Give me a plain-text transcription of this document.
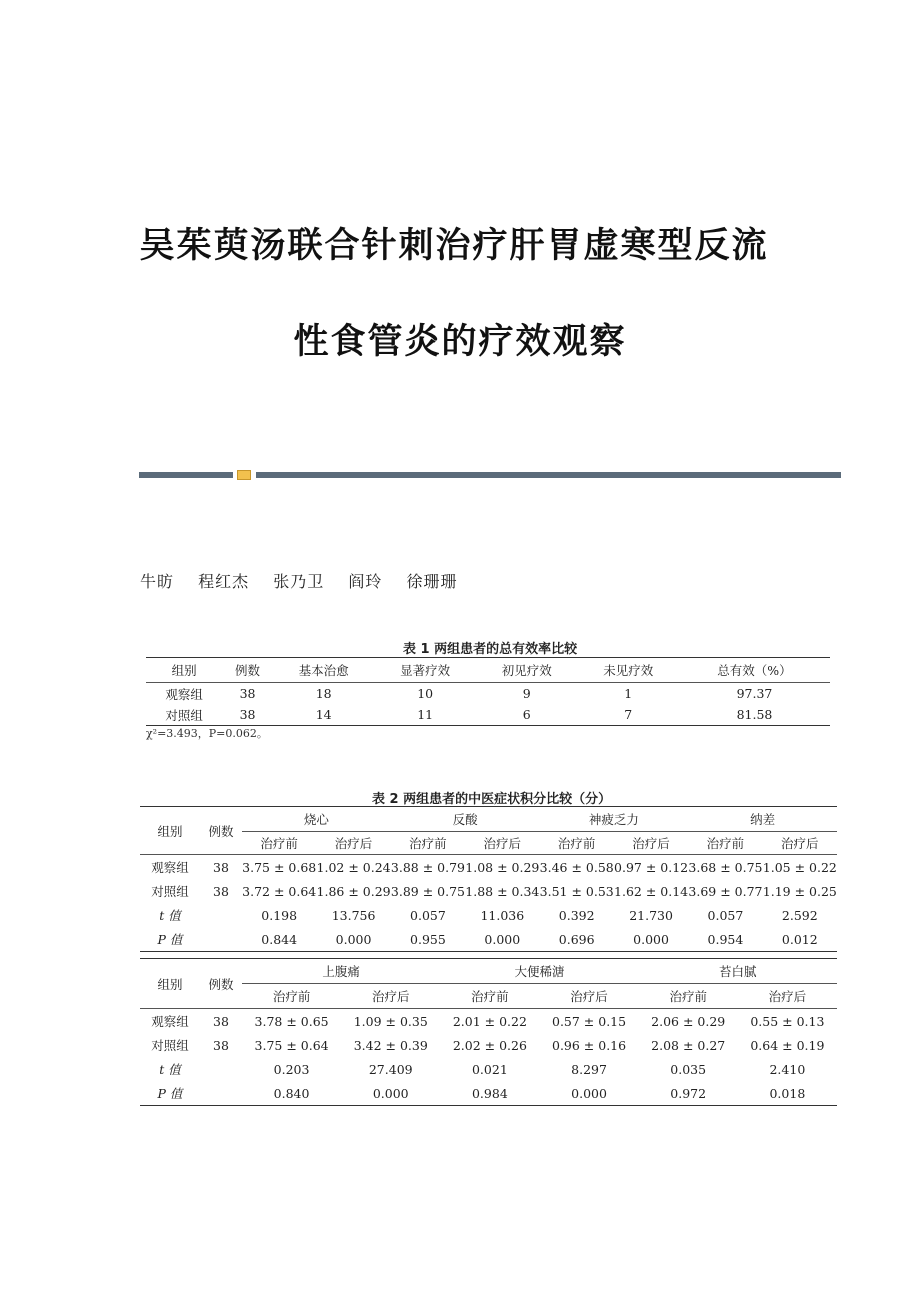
吴茱萸汤联合针刺治疗肝胃虚寒型反流
性食管炎的疗效观察
牛昉 程红杰 张乃卫 阎玲 徐珊珊
表 1 两组患者的总有效率比较
组别	例数	基本治愈	显著疗效	初见疗效	未见疗效	总有效（%）
观察组	38	18	10	9	1	97.37
对照组	38	14	11	6	7	81.58
χ²=3.493，P=0.062。
表 2 两组患者的中医症状积分比较（分）
组别	例数	烧心		反酸		神疲乏力		纳差	
		治疗前	治疗后	治疗前	治疗后	治疗前	治疗后	治疗前	治疗后
观察组	38	3.75 ± 0.68	1.02 ± 0.24	3.88 ± 0.79	1.08 ± 0.29	3.46 ± 0.58	0.97 ± 0.12	3.68 ± 0.75	1.05 ± 0.22
对照组	38	3.72 ± 0.64	1.86 ± 0.29	3.89 ± 0.75	1.88 ± 0.34	3.51 ± 0.53	1.62 ± 0.14	3.69 ± 0.77	1.19 ± 0.25
t 值		0.198	13.756	0.057	11.036	0.392	21.730	0.057	2.592
P 值		0.844	0.000	0.955	0.000	0.696	0.000	0.954	0.012
组别	例数	上腹痛		大便稀溏		苔白腻	
		治疗前	治疗后	治疗前	治疗后	治疗前	治疗后
观察组	38	3.78 ± 0.65	1.09 ± 0.35	2.01 ± 0.22	0.57 ± 0.15	2.06 ± 0.29	0.55 ± 0.13
对照组	38	3.75 ± 0.64	3.42 ± 0.39	2.02 ± 0.26	0.96 ± 0.16	2.08 ± 0.27	0.64 ± 0.19
t 值		0.203	27.409	0.021	8.297	0.035	2.410
P 值		0.840	0.000	0.984	0.000	0.972	0.018
